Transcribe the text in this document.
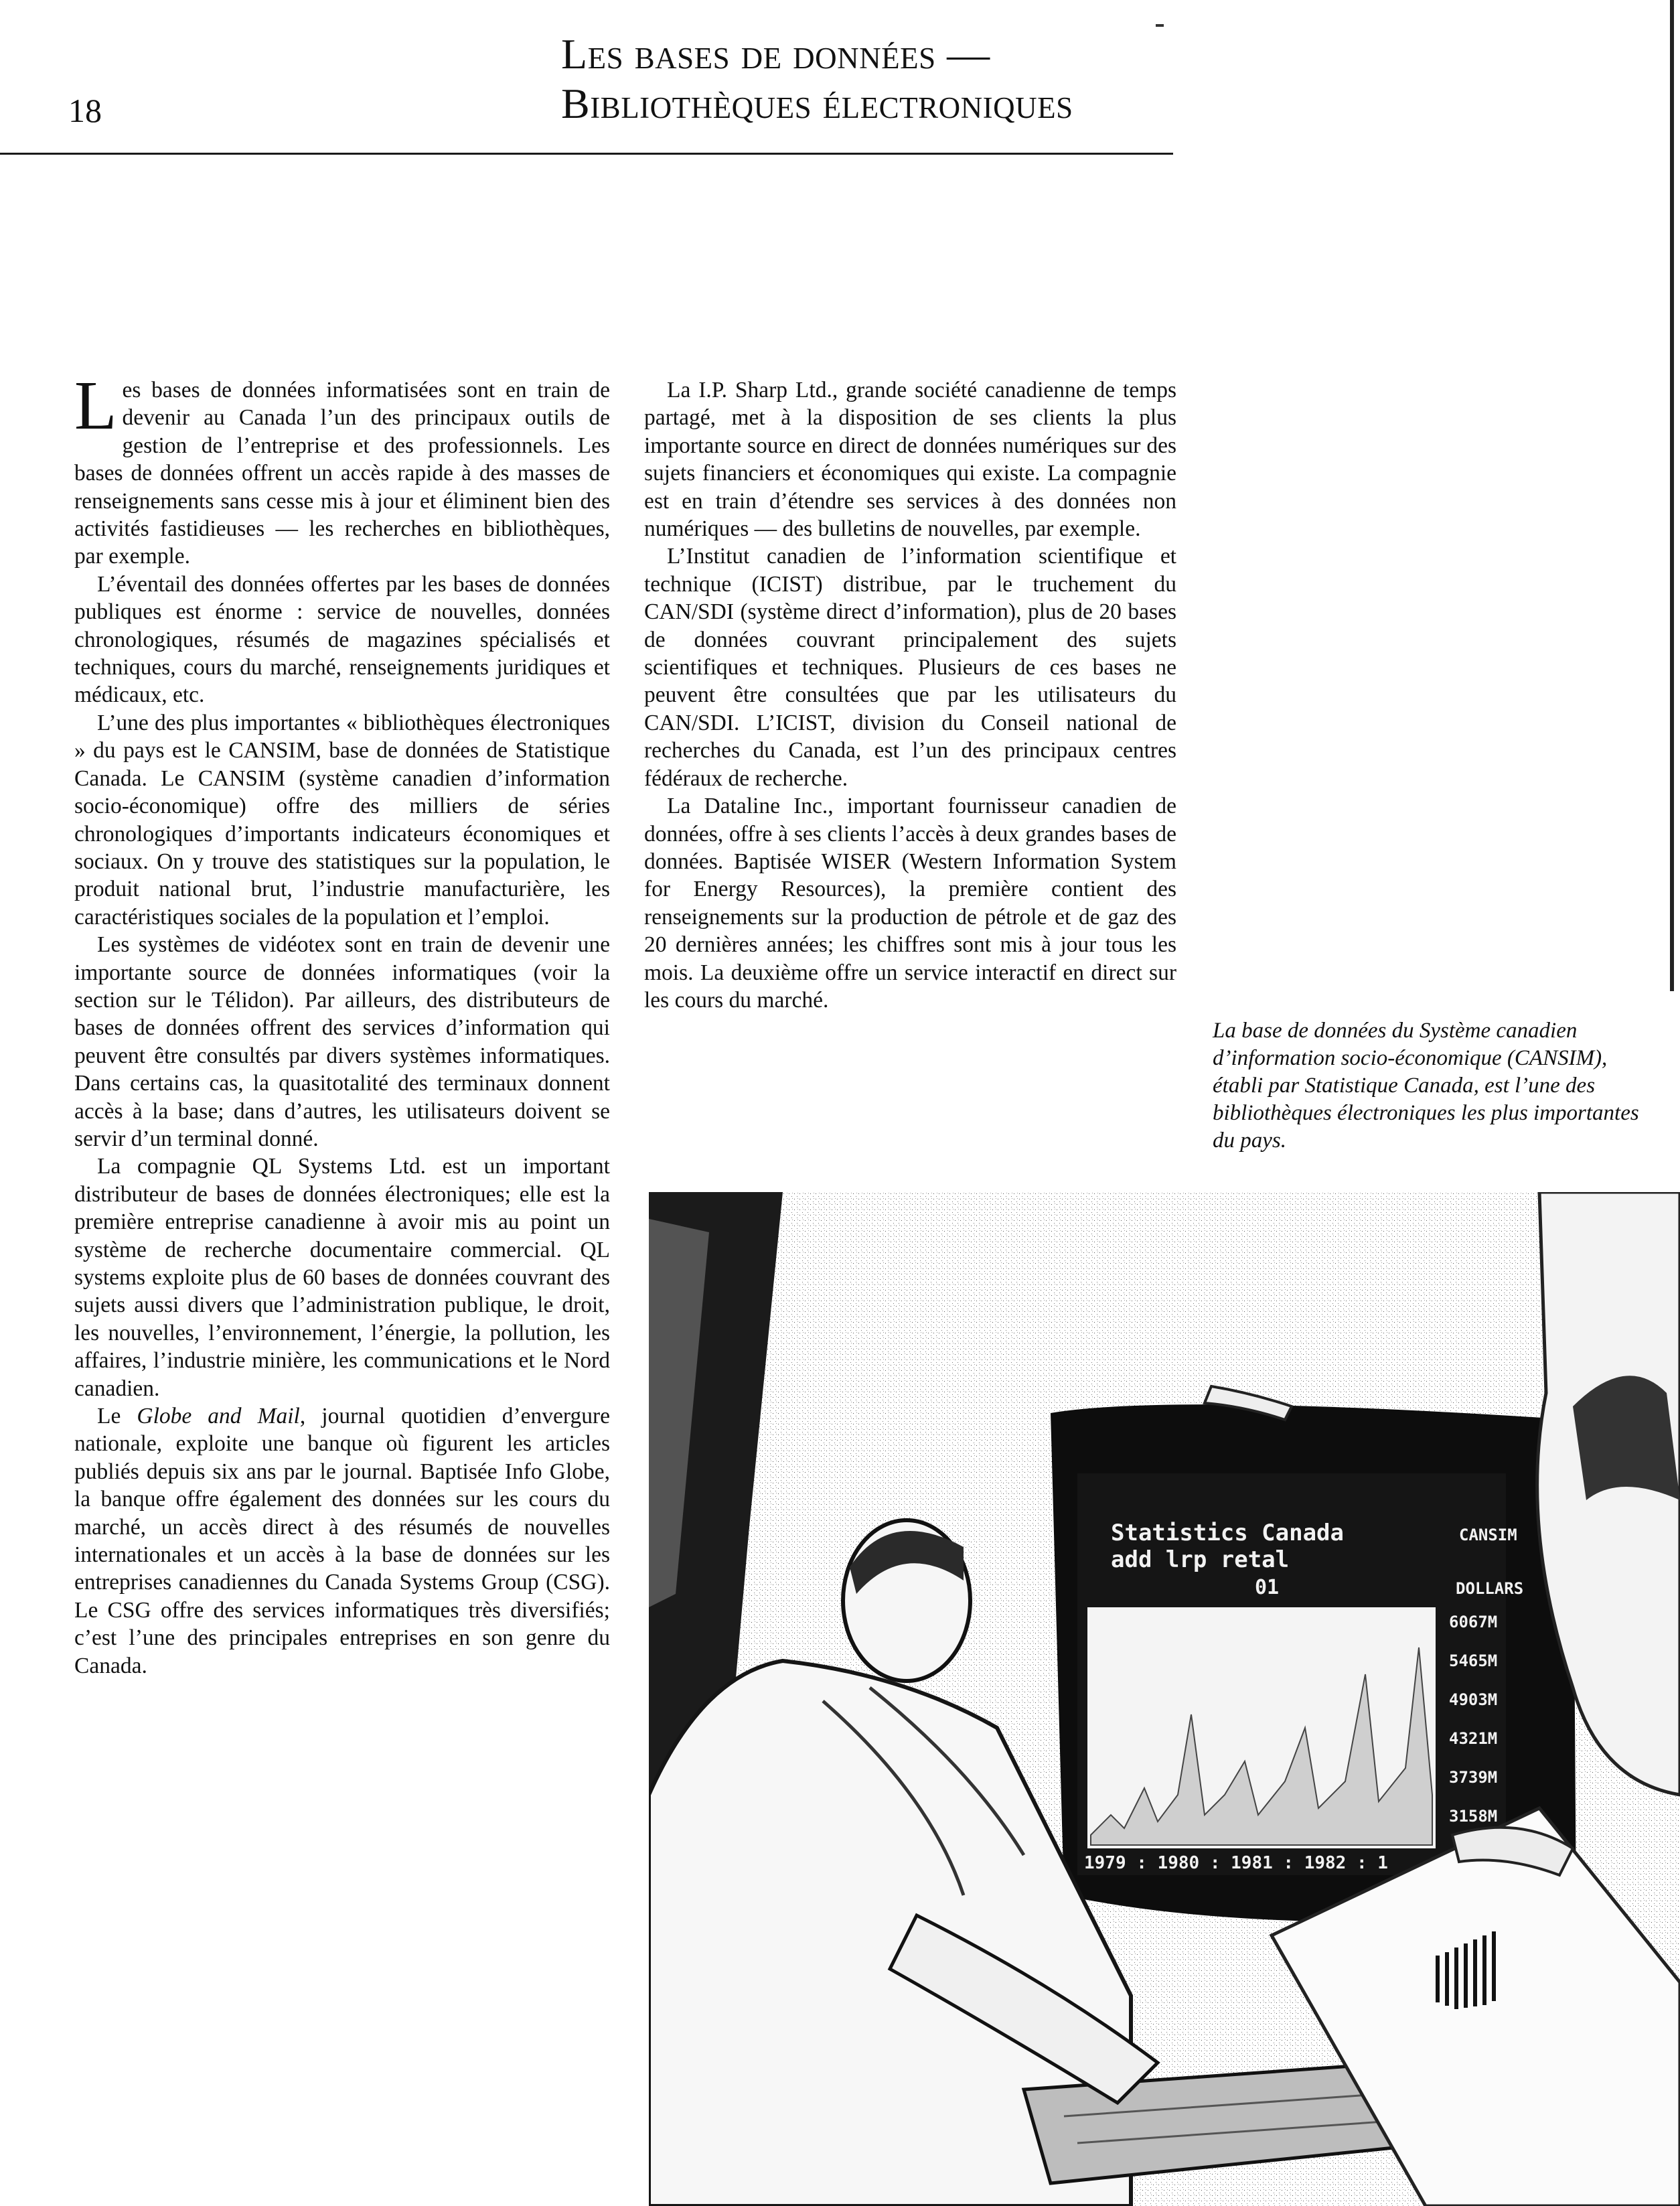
18
Les bases de données —
Bibliothèques électroniques

Les bases de données informatisées sont en train de devenir au Canada l’un des principaux outils de gestion de l’entreprise et des professionnels. Les bases de données offrent un accès rapide à des masses de renseignements sans cesse mis à jour et éliminent bien des activités fastidieuses — les recherches en bibliothèques, par exemple.

L’éventail des données offertes par les bases de données publiques est énorme : service de nouvelles, données chronologiques, résumés de magazines spécialisés et techniques, cours du marché, renseignements juridiques et médicaux, etc.

L’une des plus importantes « bibliothèques électroniques » du pays est le CANSIM, base de données de Statistique Canada. Le CANSIM (système canadien d’information socio-économique) offre des milliers de séries chronologiques d’importants indicateurs économiques et sociaux. On y trouve des statistiques sur la population, le produit national brut, l’industrie manufacturière, les caractéristiques sociales de la population et l’emploi.

Les systèmes de vidéotex sont en train de devenir une importante source de données informatiques (voir la section sur le Télidon). Par ailleurs, des distributeurs de bases de données offrent des services d’information qui peuvent être consultés par divers systèmes informatiques. Dans certains cas, la quasitotalité des terminaux donnent accès à la base; dans d’autres, les utilisateurs doivent se servir d’un terminal donné.

La compagnie QL Systems Ltd. est un important distributeur de bases de données électroniques; elle est la première entreprise canadienne à avoir mis au point un système de recherche documentaire commercial. QL systems exploite plus de 60 bases de données couvrant des sujets aussi divers que l’administration publique, le droit, les nouvelles, l’environnement, l’énergie, la pollution, les affaires, l’industrie minière, les communications et le Nord canadien.

Le Globe and Mail, journal quotidien d’envergure nationale, exploite une banque où figurent les articles publiés depuis six ans par le journal. Baptisée Info Globe, la banque offre également des données sur les cours du marché, un accès direct à des résumés de nouvelles internationales et un accès à la base de données sur les entreprises canadiennes du Canada Systems Group (CSG). Le CSG offre des services informatiques très diversifiés; c’est l’une des principales entreprises en son genre du Canada.

La I.P. Sharp Ltd., grande société canadienne de temps partagé, met à la disposition de ses clients la plus importante source en direct de données numériques sur des sujets financiers et économiques qui existe. La compagnie est en train d’étendre ses services à des données non numériques — des bulletins de nouvelles, par exemple.

L’Institut canadien de l’information scientifique et technique (ICIST) distribue, par le truchement du CAN/SDI (système direct d’information), plus de 20 bases de données couvrant principalement des sujets scientifiques et techniques. Plusieurs de ces bases ne peuvent être consultées que par les utilisateurs du CAN/SDI. L’ICIST, division du Conseil national de recherches du Canada, est l’un des principaux centres fédéraux de recherche.

La Dataline Inc., important fournisseur canadien de données, offre à ses clients l’accès à deux grandes bases de données. Baptisée WISER (Western Information System for Energy Resources), la première contient des renseignements sur la production de pétrole et de gaz des 20 dernières années; les chiffres sont mis à jour tous les mois. La deuxième offre un service interactif en direct sur les cours du marché.

La base de données du Système canadien d’information socio-économique (CANSIM), établi par Statistique Canada, est l’une des bibliothèques électroniques les plus importantes du pays.
Statistics Canada
add lrp retal
CANSIM
01	DOLLARS
6067M
5465M
4903M
4321M
3739M
3158M
1979 : 1980 : 1981 : 1982 : 1
